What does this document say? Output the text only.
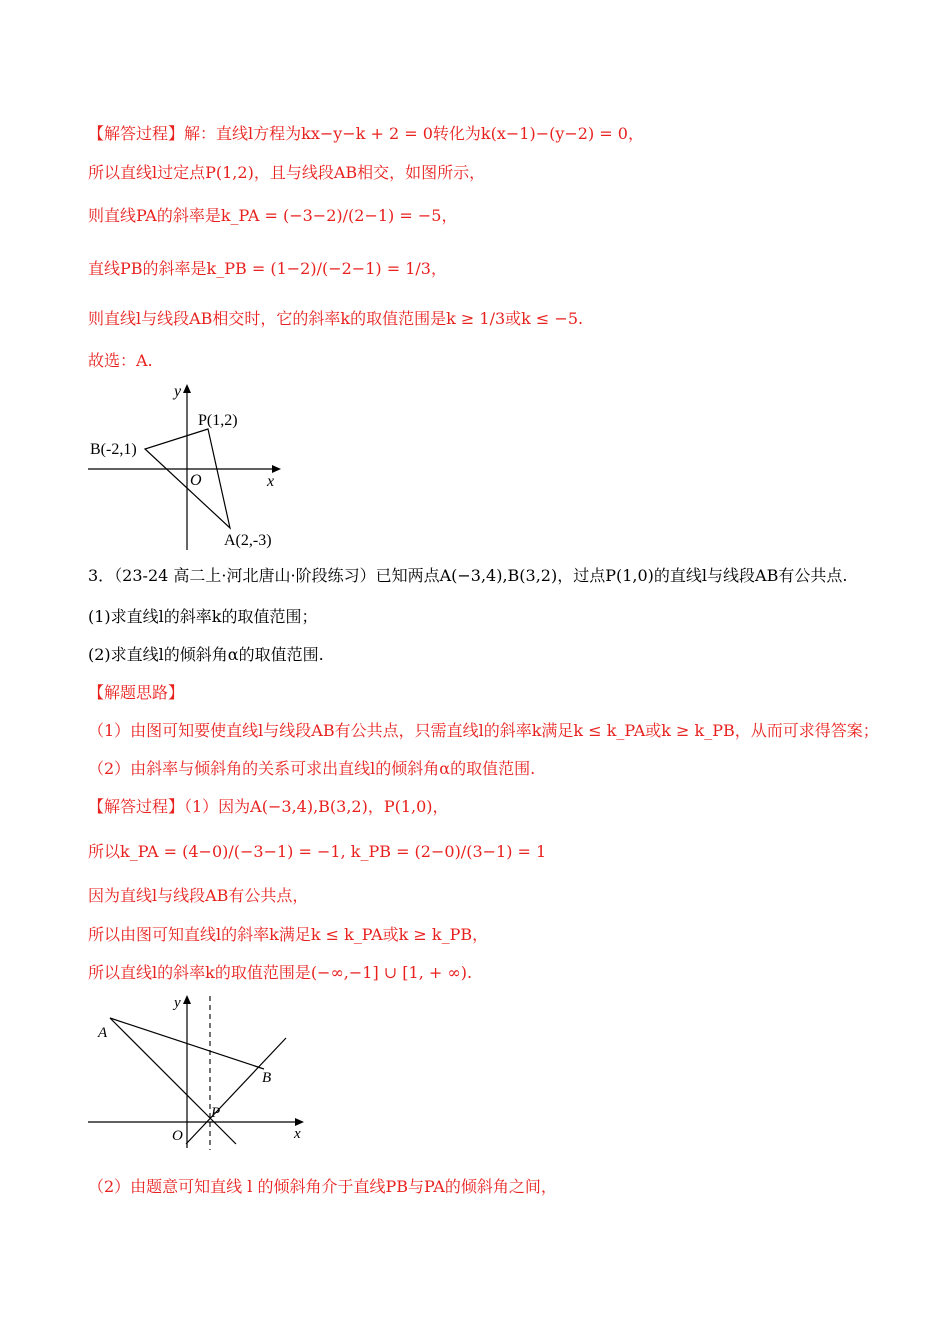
【解答过程】解：直线l方程为kx−y−k + 2 = 0转化为k(x−1)−(y−2) = 0，
所以直线l过定点P(1,2)，且与线段AB相交，如图所示，
则直线PA的斜率是k_PA = (−3−2)/(2−1) = −5，
直线PB的斜率是k_PB = (1−2)/(−2−1) = 1/3，
则直线l与线段AB相交时，它的斜率k的取值范围是k ≥ 1/3或k ≤ −5.
故选：A.
y
x
O
P(1,2)
B(-2,1)
A(2,-3)
3．（23-24 高二上·河北唐山·阶段练习）已知两点A(−3,4),B(3,2)，过点P(1,0)的直线l与线段AB有公共点.
(1)求直线l的斜率k的取值范围；
(2)求直线l的倾斜角α的取值范围.
【解题思路】
（1）由图可知要使直线l与线段AB有公共点，只需直线l的斜率k满足k ≤ k_PA或k ≥ k_PB，从而可求得答案；
（2）由斜率与倾斜角的关系可求出直线l的倾斜角α的取值范围.
【解答过程】（1）因为A(−3,4),B(3,2)，P(1,0)，
所以k_PA = (4−0)/(−3−1) = −1, k_PB = (2−0)/(3−1) = 1
因为直线l与线段AB有公共点，
所以由图可知直线l的斜率k满足k ≤ k_PA或k ≥ k_PB，
所以直线l的斜率k的取值范围是(−∞,−1] ∪ [1, + ∞).
y
x
O
P
A
B
（2）由题意可知直线 l 的倾斜角介于直线PB与PA的倾斜角之间，
